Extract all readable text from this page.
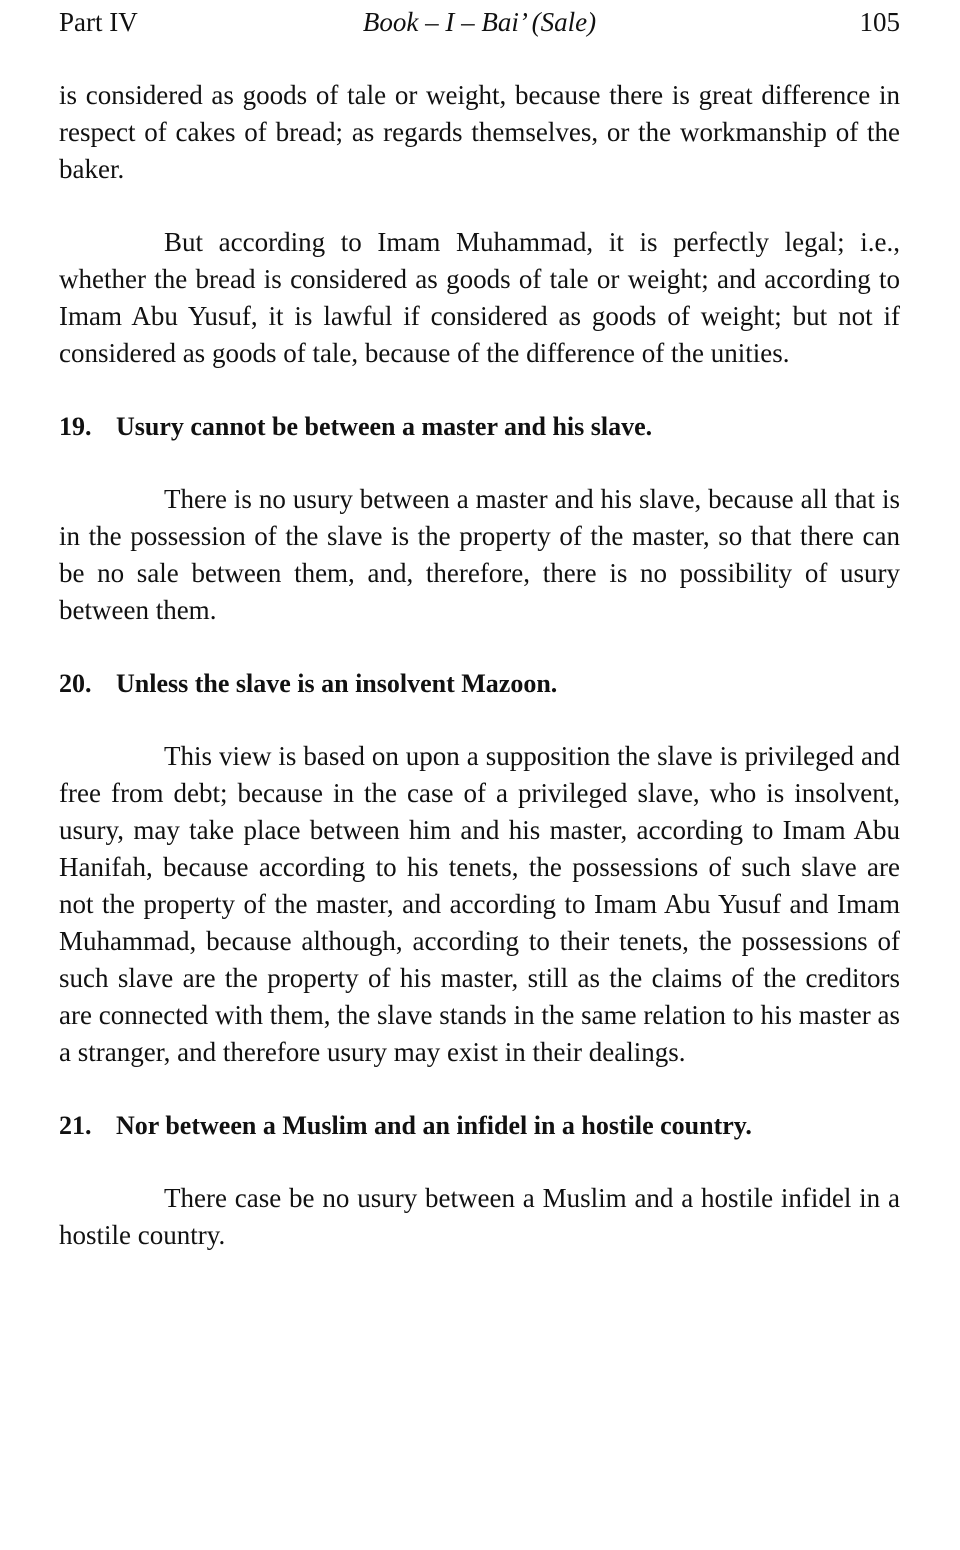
Part IV	Book – I – Bai’ (Sale)	105

is considered as goods of tale or weight, because there is great difference in respect of cakes of bread; as regards themselves, or the workmanship of the baker.

But according to Imam Muhammad, it is perfectly legal; i.e., whether the bread is considered as goods of tale or weight; and according to Imam Abu Yusuf, it is lawful if considered as goods of weight; but not if considered as goods of tale, because of the difference of the unities.

19. Usury cannot be between a master and his slave.

There is no usury between a master and his slave, because all that is in the possession of the slave is the property of the master, so that there can be no sale between them, and, therefore, there is no possibility of usury between them.

20. Unless the slave is an insolvent Mazoon.

This view is based on upon a supposition the slave is privileged and free from debt; because in the case of a privileged slave, who is insolvent, usury, may take place between him and his master, according to Imam Abu Hanifah, because according to his tenets, the possessions of such slave are not the property of the master, and according to Imam Abu Yusuf and Imam Muhammad, because although, according to their tenets, the possessions of such slave are the property of his master, still as the claims of the creditors are connected with them, the slave stands in the same relation to his master as a stranger, and therefore usury may exist in their dealings.

21. Nor between a Muslim and an infidel in a hostile country.

There case be no usury between a Muslim and a hostile infidel in a hostile country.
